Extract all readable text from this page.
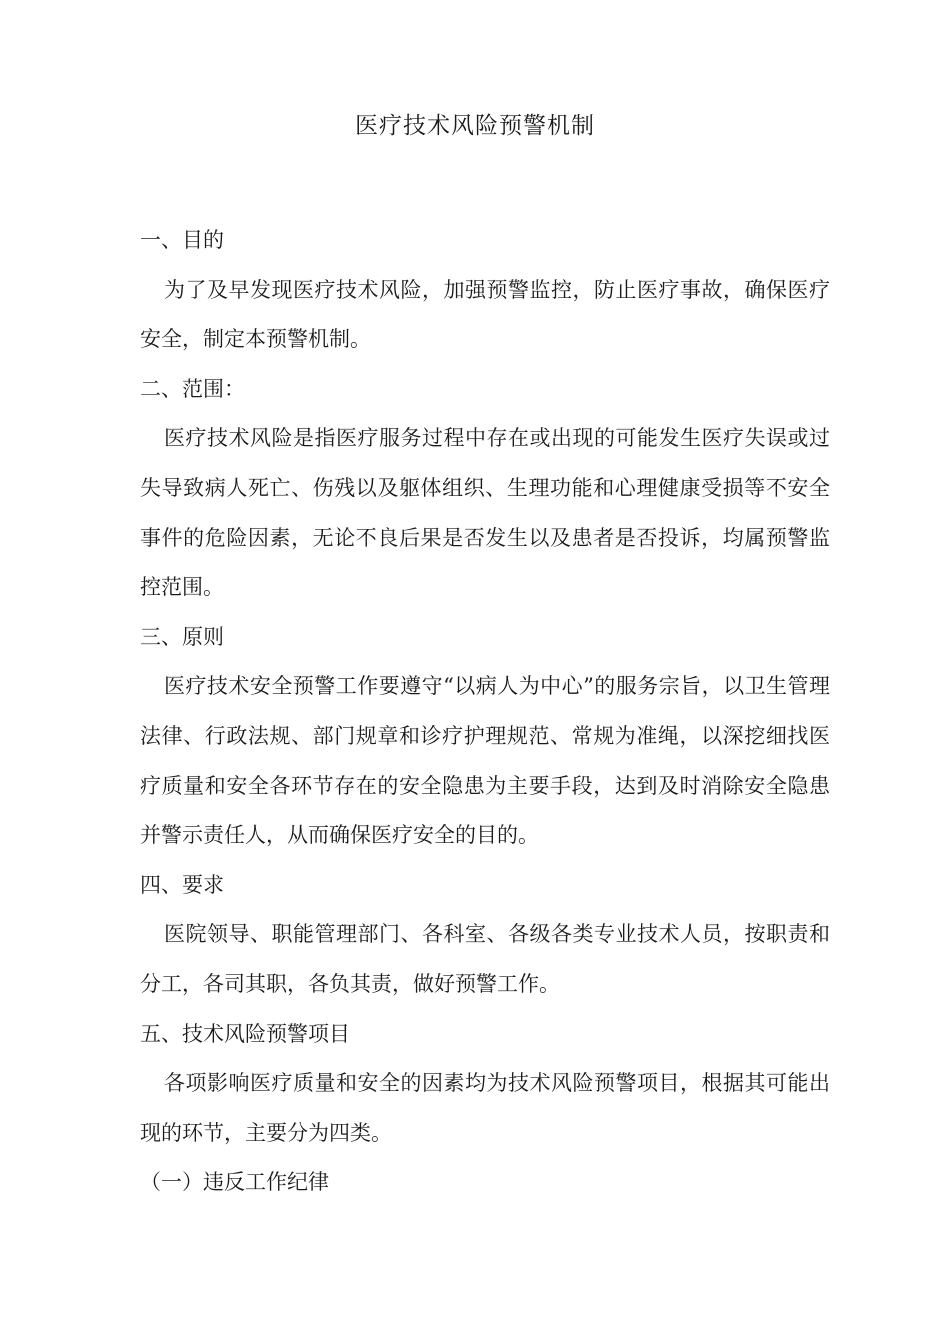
医疗技术风险预警机制

一、目的

为了及早发现医疗技术风险，加强预警监控，防止医疗事故，确保医疗安全，制定本预警机制。

二、范围：

医疗技术风险是指医疗服务过程中存在或出现的可能发生医疗失误或过失导致病人死亡、伤残以及躯体组织、生理功能和心理健康受损等不安全事件的危险因素，无论不良后果是否发生以及患者是否投诉，均属预警监控范围。

三、原则

医疗技术安全预警工作要遵守“以病人为中心”的服务宗旨，以卫生管理法律、行政法规、部门规章和诊疗护理规范、常规为准绳，以深挖细找医疗质量和安全各环节存在的安全隐患为主要手段，达到及时消除安全隐患并警示责任人，从而确保医疗安全的目的。

四、要求

医院领导、职能管理部门、各科室、各级各类专业技术人员，按职责和分工，各司其职，各负其责，做好预警工作。

五、技术风险预警项目

各项影响医疗质量和安全的因素均为技术风险预警项目，根据其可能出现的环节，主要分为四类。

（一）违反工作纪律
